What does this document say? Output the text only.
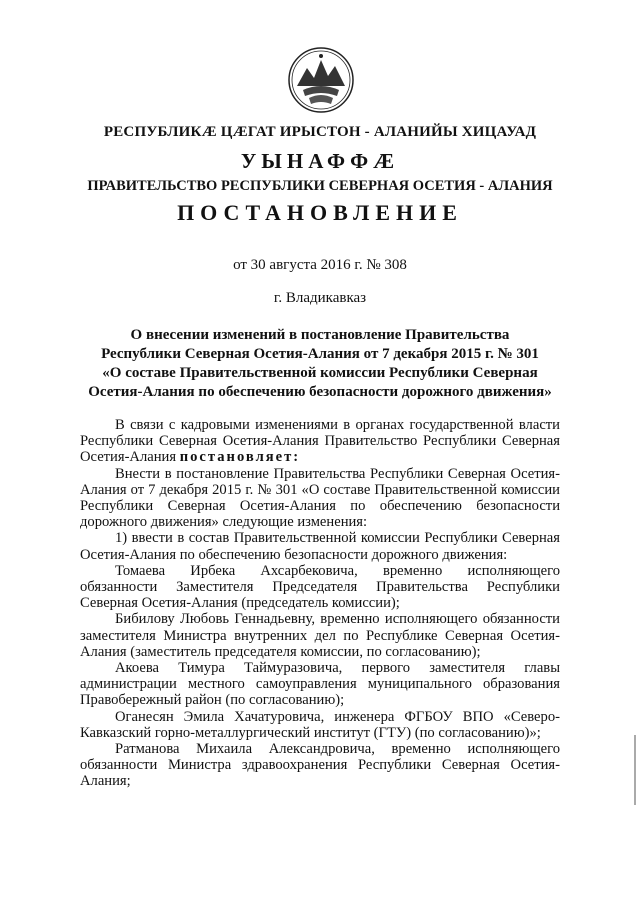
РЕСПУБЛИКӔ ЦӔГАТ ИРЫСТОН - АЛАНИЙЫ ХИЦАУАД
УЫНАФФӔ
ПРАВИТЕЛЬСТВО РЕСПУБЛИКИ СЕВЕРНАЯ ОСЕТИЯ - АЛАНИЯ
ПОСТАНОВЛЕНИЕ
от 30 августа 2016 г. № 308
г. Владикавказ
О внесении изменений в постановление Правительства
Республики Северная Осетия-Алания от 7 декабря 2015 г. № 301
«О составе Правительственной комиссии Республики Северная
Осетия-Алания по обеспечению безопасности дорожного движения»
В связи с кадровыми изменениями в органах государственной власти
Республики Северная Осетия-Алания Правительство Республики Северная
Осетия-Алания постановляет:
Внести в постановление Правительства Республики Северная Осетия-
Алания от 7 декабря 2015 г. № 301 «О составе Правительственной комиссии
Республики Северная Осетия-Алания по обеспечению безопасности
дорожного движения» следующие изменения:
1) ввести в состав Правительственной комиссии Республики Северная
Осетия-Алания по обеспечению безопасности дорожного движения:
Томаева Ирбека Ахсарбековича, временно исполняющего
обязанности Заместителя Председателя Правительства Республики
Северная Осетия-Алания (председатель комиссии);
Бибилову Любовь Геннадьевну, временно исполняющего обязанности
заместителя Министра внутренних дел по Республике Северная Осетия-
Алания (заместитель председателя комиссии, по согласованию);
Акоева Тимура Таймуразовича, первого заместителя главы
администрации местного самоуправления муниципального образования
Правобережный район (по согласованию);
Оганесян Эмила Хачатуровича, инженера ФГБОУ ВПО «Северо-
Кавказский горно-металлургический институт (ГТУ) (по согласованию)»;
Ратманова Михаила Александровича, временно исполняющего
обязанности Министра здравоохранения Республики Северная Осетия-
Алания;
